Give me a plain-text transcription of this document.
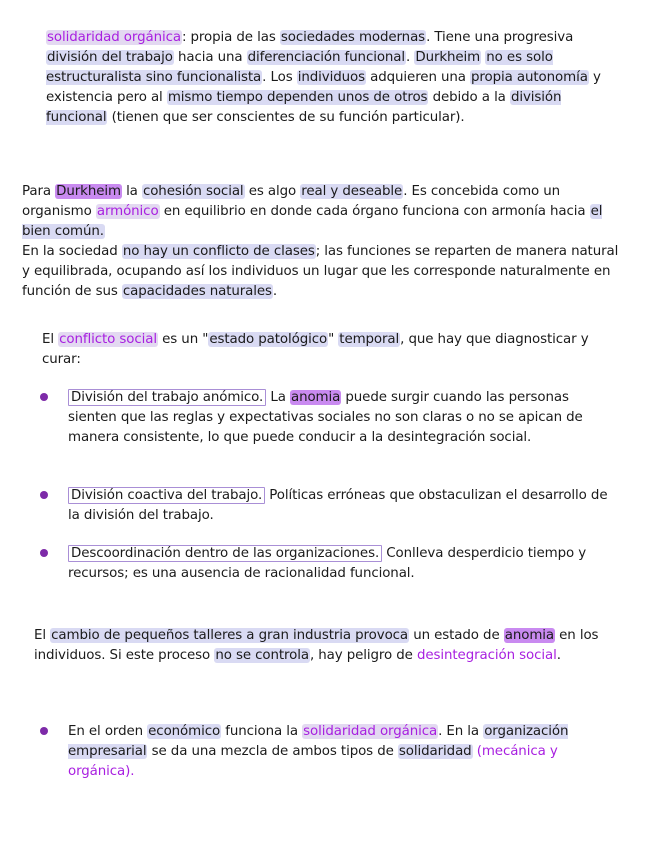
solidaridad orgánica: propia de las sociedades modernas. Tiene una progresiva división del trabajo hacia una diferenciación funcional. Durkheim no es solo estructuralista sino funcionalista. Los individuos adquieren una propia autonomía y existencia pero al mismo tiempo dependen unos de otros debido a la división funcional (tienen que ser conscientes de su función particular).
Para Durkheim la cohesión social es algo real y deseable. Es concebida como un organismo armónico en equilibrio en donde cada órgano funciona con armonía hacia el bien común.
En la sociedad no hay un conflicto de clases; las funciones se reparten de manera natural y equilibrada, ocupando así los individuos un lugar que les corresponde naturalmente en función de sus capacidades naturales.
El conflicto social es un "estado patológico" temporal, que hay que diagnosticar y curar:
División del trabajo anómico. La anomia puede surgir cuando las personas sienten que las reglas y expectativas sociales no son claras o no se apican de manera consistente, lo que puede conducir a la desintegración social.
División coactiva del trabajo. Políticas erróneas que obstaculizan el desarrollo de la división del trabajo.
Descoordinación dentro de las organizaciones. Conlleva desperdicio tiempo y recursos; es una ausencia de racionalidad funcional.
El cambio de pequeños talleres a gran industria provoca un estado de anomia en los individuos. Si este proceso no se controla, hay peligro de desintegración social.
En el orden económico funciona la solidaridad orgánica. En la organización empresarial se da una mezcla de ambos tipos de solidaridad (mecánica y orgánica).
